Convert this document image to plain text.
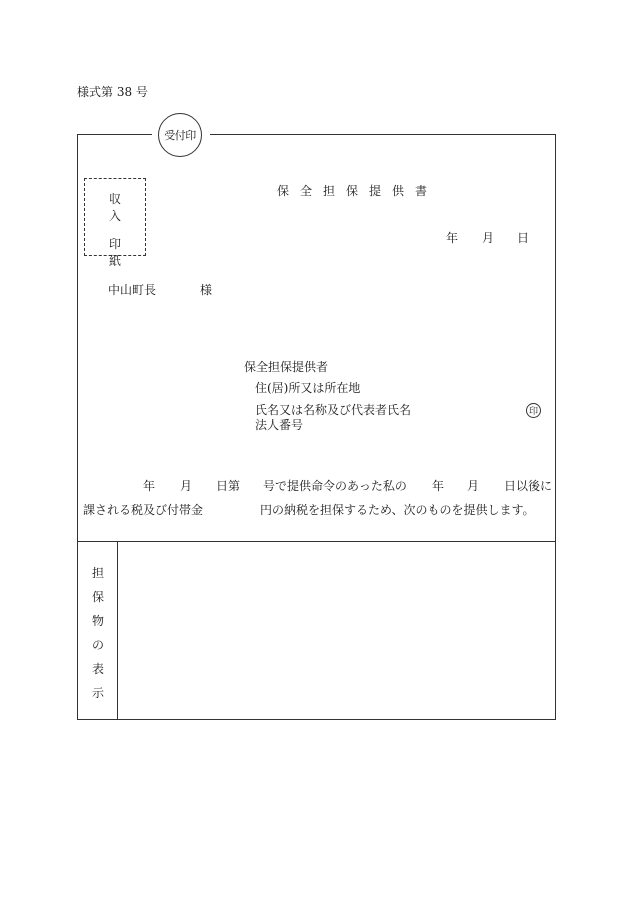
様式第 38 号
受付印
収入
印紙
保全担保提供書
年 月 日
中山町長	様
保全担保提供者
住(居)所又は所在地
氏名又は名称及び代表者氏名	印
法人番号
年 月 日第 号で提供命令のあった私の 年 月 日以後に
課される税及び付帯金	円の納税を担保するため、次のものを提供します。
担
保
物
の
表
示
